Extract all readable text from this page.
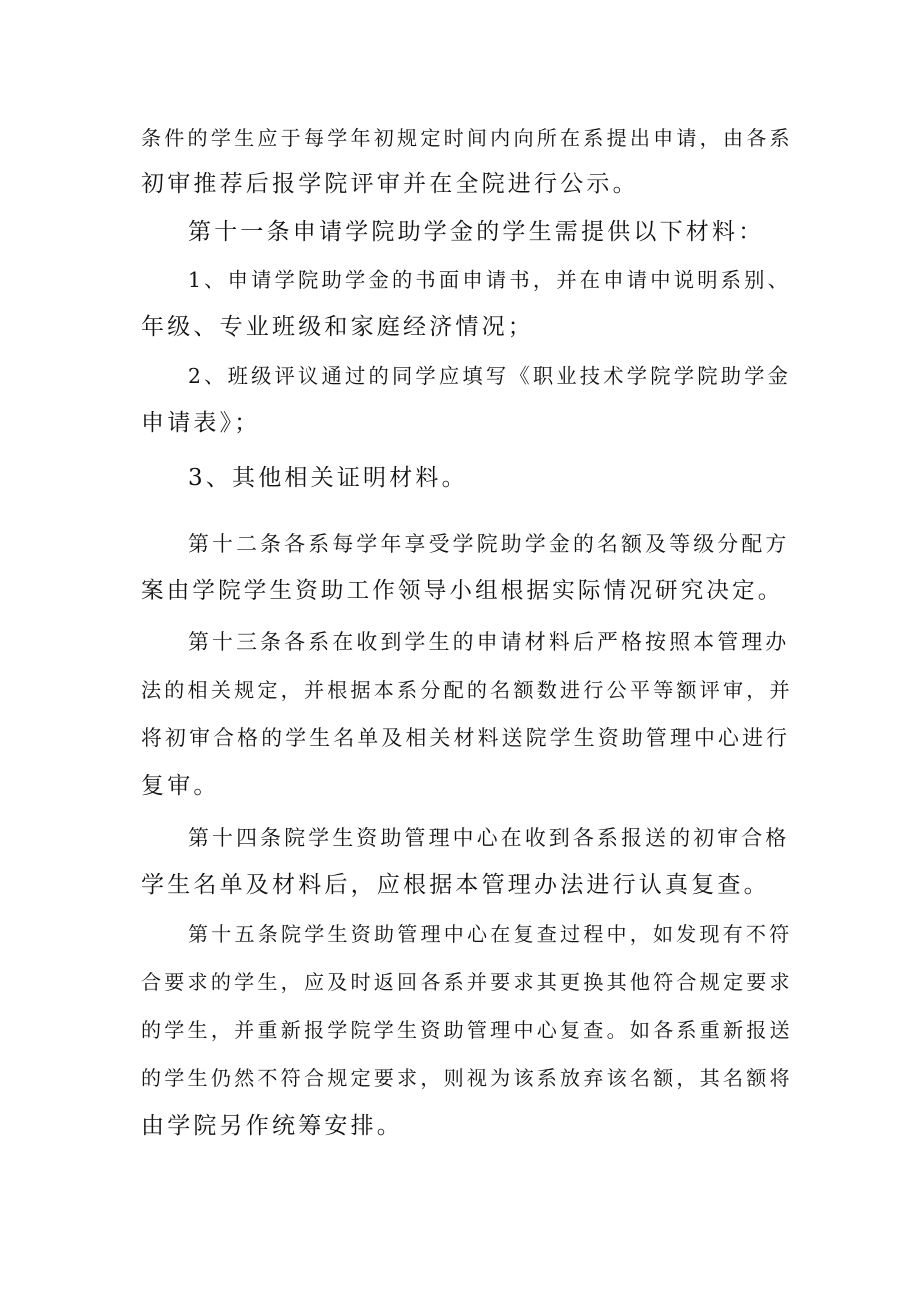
条件的学生应于每学年初规定时间内向所在系提出申请，由各系
初审推荐后报学院评审并在全院进行公示。
第十一条申请学院助学金的学生需提供以下材料：
1、申请学院助学金的书面申请书，并在申请中说明系别、
年级、专业班级和家庭经济情况；
2、班级评议通过的同学应填写《职业技术学院学院助学金
申请表》；
3、其他相关证明材料。
第十二条各系每学年享受学院助学金的名额及等级分配方
案由学院学生资助工作领导小组根据实际情况研究决定。
第十三条各系在收到学生的申请材料后严格按照本管理办
法的相关规定，并根据本系分配的名额数进行公平等额评审，并
将初审合格的学生名单及相关材料送院学生资助管理中心进行
复审。
第十四条院学生资助管理中心在收到各系报送的初审合格
学生名单及材料后，应根据本管理办法进行认真复查。
第十五条院学生资助管理中心在复查过程中，如发现有不符
合要求的学生，应及时返回各系并要求其更换其他符合规定要求
的学生，并重新报学院学生资助管理中心复查。如各系重新报送
的学生仍然不符合规定要求，则视为该系放弃该名额，其名额将
由学院另作统筹安排。
